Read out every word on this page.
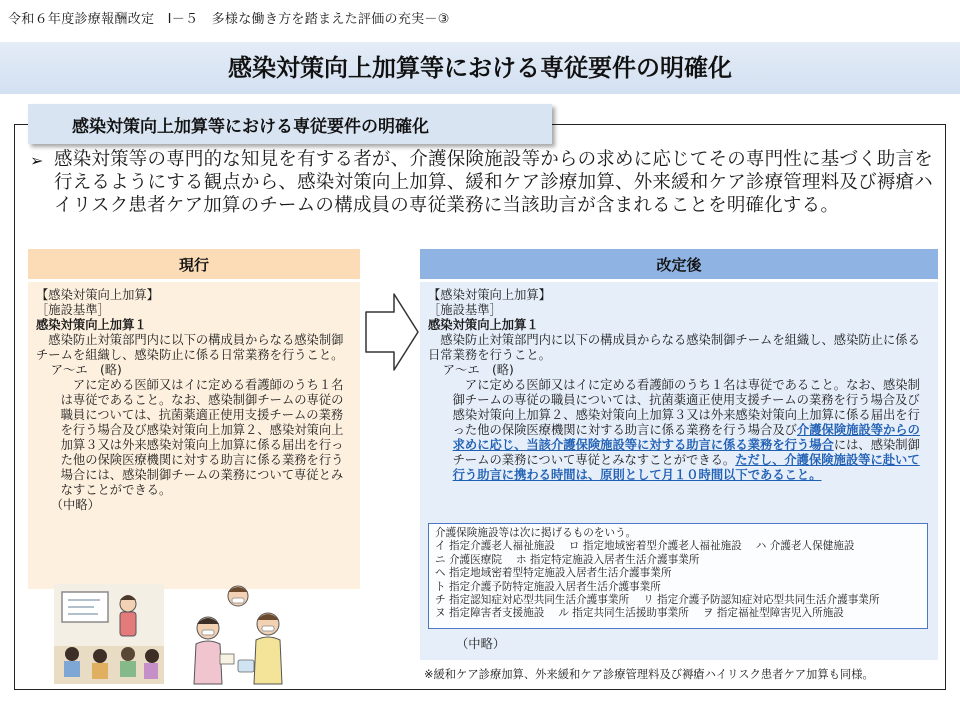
令和６年度診療報酬改定　Ⅰ－５　多様な働き方を踏まえた評価の充実－③
感染対策向上加算等における専従要件の明確化
感染対策向上加算等における専従要件の明確化
➢ 感染対策等の専門的な知見を有する者が、介護保険施設等からの求めに応じてその専門性に基づく助言を行えるようにする観点から、感染対策向上加算、緩和ケア診療加算、外来緩和ケア診療管理料及び褥瘡ハイリスク患者ケア加算のチームの構成員の専従業務に当該助言が含まれることを明確化する。
現行	改定後
【感染対策向上加算】
［施設基準］
感染対策向上加算１
感染防止対策部門内に以下の構成員からなる感染制御チームを組織し、感染防止に係る日常業務を行うこと。
ア～エ　(略)
アに定める医師又はイに定める看護師のうち１名は専従であること。なお、感染制御チームの専従の職員については、抗菌薬適正使用支援チームの業務を行う場合及び感染対策向上加算２、感染対策向上加算３又は外来感染対策向上加算に係る届出を行った他の保険医療機関に対する助言に係る業務を行う場合には、感染制御チームの業務について専従とみなすことができる。
（中略）
【感染対策向上加算】
［施設基準］
感染対策向上加算１
感染防止対策部門内に以下の構成員からなる感染制御チームを組織し、感染防止に係る日常業務を行うこと。
ア～エ　(略)
アに定める医師又はイに定める看護師のうち１名は専従であること。なお、感染制御チームの専従の職員については、抗菌薬適正使用支援チームの業務を行う場合及び感染対策向上加算２、感染対策向上加算３又は外来感染対策向上加算に係る届出を行った他の保険医療機関に対する助言に係る業務を行う場合及び介護保険施設等からの求めに応じ、当該介護保険施設等に対する助言に係る業務を行う場合には、感染制御チームの業務について専従とみなすことができる。ただし、介護保険施設等に赴いて行う助言に携わる時間は、原則として月１０時間以下であること。
介護保険施設等は次に掲げるものをいう。
イ 指定介護老人福祉施設 ロ 指定地域密着型介護老人福祉施設 ハ 介護老人保健施設
ニ 介護医療院 ホ 指定特定施設入居者生活介護事業所
ヘ 指定地域密着型特定施設入居者生活介護事業所
ト 指定介護予防特定施設入居者生活介護事業所
チ 指定認知症対応型共同生活介護事業所 リ 指定介護予防認知症対応型共同生活介護事業所
ヌ 指定障害者支援施設 ル 指定共同生活援助事業所 ヲ 指定福祉型障害児入所施設
（中略）
※緩和ケア診療加算、外来緩和ケア診療管理料及び褥瘡ハイリスク患者ケア加算も同様。
